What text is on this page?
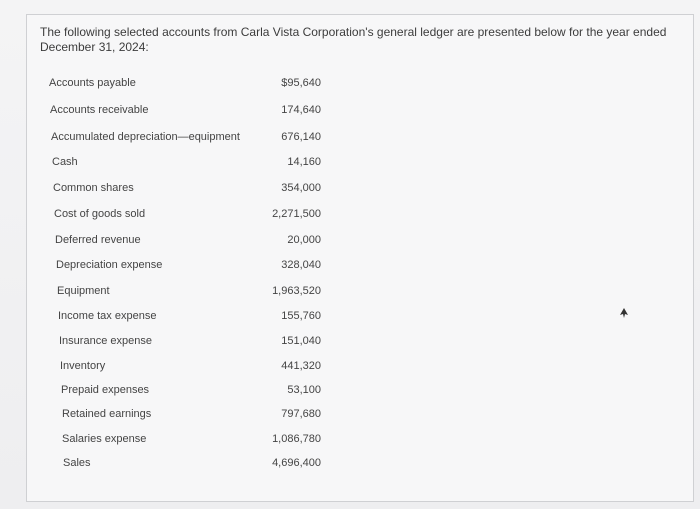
The following selected accounts from Carla Vista Corporation's general ledger are presented below for the year ended December 31, 2024:
Accounts payable	$95,640
Accounts receivable	174,640
Accumulated depreciation—equipment	676,140
Cash	14,160
Common shares	354,000
Cost of goods sold	2,271,500
Deferred revenue	20,000
Depreciation expense	328,040
Equipment	1,963,520
Income tax expense	155,760
Insurance expense	151,040
Inventory	441,320
Prepaid expenses	53,100
Retained earnings	797,680
Salaries expense	1,086,780
Sales	4,696,400
